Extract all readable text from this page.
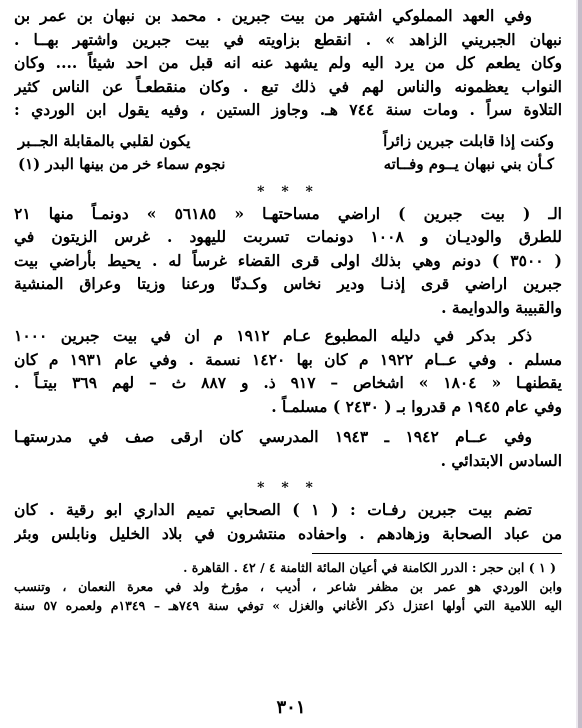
وفي العهد المملوكي اشتهر من بيت جبرين . محمد بن نبهان بن عمر بن
نبهان الجبريني الزاهد » . انقطع بزاويته في بيت جبرين واشتهر بهــا .
وكان يطعم كل من يرد اليه ولم يشهد عنه انه قبل من احد شيئاً .... وكان
النواب يعظمونه والناس لهم في ذلك تبع . وكان منقطعـاً عن الناس كثير
التلاوة سراً . ومات سنة ٧٤٤ هـ. وجاوز الستين ، وفيه يقول ابن الوردي :
وكنت إذا قابلت جبرين زائراً
يكون لقلبي بالمقابلة الجــبر
كـأن بني نبهان يــوم وفــاته
نجوم سماء خر من بينها البدر (١)
* * *
الـ ( بيت جبرين ) اراضي مساحتهـا « ٥٦١٨٥ » دونمـاً منها ٢١
للطرق والوديـان و ١٠٠٨ دونمات تسربت لليهود . غرس الزيتون في
( ٣٥٠٠ ) دونم وهي بذلك اولى قرى القضاء غرساً له . يحيط بأراضي بيت
جبرين اراضي قرى إذنـا ودير نخاس وكـدنّا ورعنا وزيتا وعراق المنشية
والقبيبة والدوايمة .
ذكر بدكر في دليله المطبوع عـام ١٩١٢ م ان في بيت جبرين ١٠٠٠
مسلم . وفي عــام ١٩٢٢ م كان بها ١٤٢٠ نسمة . وفي عام ١٩٣١ م كان
يقطنهـا « ١٨٠٤ » اشخاص – ٩١٧ ذ. و ٨٨٧ ث – لهم ٣٦٩ بيتـاً .
وفي عام ١٩٤٥ م قدروا بـ ( ٢٤٣٠ ) مسلمـاً .
وفي عــام ١٩٤٢ ـ ١٩٤٣ المدرسي كان ارقى صف في مدرستهـا
السادس الابتدائي .
* * *
تضم بيت جبرين رفـات : ( ١ ) الصحابي تميم الداري ابو رقية . كان
من عباد الصحابة وزهادهم . واحفاده منتشرون في بلاد الخليل ونابلس وبئر
( ١ ) ابن حجر : الدرر الكامنة في أعيان المائة الثامنة ٤ / ٤٢ . القاهرة .
وابن الوردي هو عمر بن مظفر شاعر ، أديب ، مؤرخ ولد في معرة النعمان ، وتنسب
اليه اللامية التي أولها اعتزل ذكر الأغاني والغزل » توفي سنة ٧٤٩هـ – ١٣٤٩م ولعمره ٥٧ سنة
٣٠١
